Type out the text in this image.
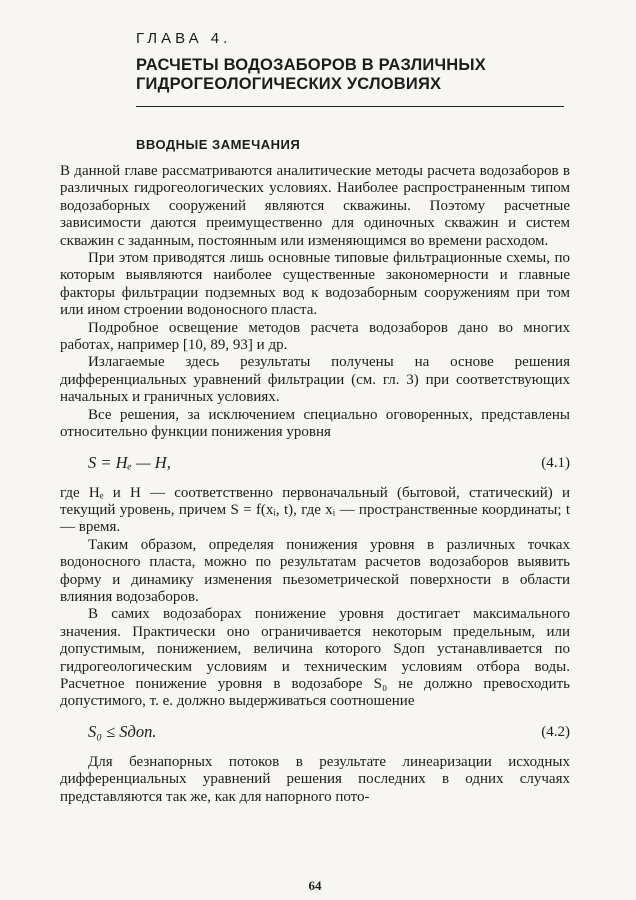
ГЛАВА 4.
РАСЧЕТЫ ВОДОЗАБОРОВ В РАЗЛИЧНЫХ
ГИДРОГЕОЛОГИЧЕСКИХ УСЛОВИЯХ
ВВОДНЫЕ ЗАМЕЧАНИЯ

В данной главе рассматриваются аналитические методы расчета водозаборов в различных гидрогеологических условиях. Наиболее распространенным типом водозаборных сооружений являются скважины. Поэтому расчетные зависимости даются преимущественно для одиночных скважин и систем скважин с заданным, постоянным или изменяющимся во времени расходом.

При этом приводятся лишь основные типовые фильтрационные схемы, по которым выявляются наиболее существенные закономерности и главные факторы фильтрации подземных вод к водозаборным сооружениям при том или ином строении водоносного пласта.

Подробное освещение методов расчета водозаборов дано во многих работах, например [10, 89, 93] и др.

Излагаемые здесь результаты получены на основе решения дифференциальных уравнений фильтрации (см. гл. 3) при соответствующих начальных и граничных условиях.

Все решения, за исключением специально оговоренных, представлены относительно функции понижения уровня

S = Hₑ — H,	(4.1)

где Hₑ и H — соответственно первоначальный (бытовой, статический) и текущий уровень, причем S = f(xᵢ, t), где xᵢ — пространственные координаты; t — время.

Таким образом, определяя понижения уровня в различных точках водоносного пласта, можно по результатам расчетов водозаборов выявить форму и динамику изменения пьезометрической поверхности в области влияния водозаборов.

В самих водозаборах понижение уровня достигает максимального значения. Практически оно ограничивается некоторым предельным, или допустимым, понижением, величина которого Sдоп устанавливается по гидрогеологическим условиям и техническим условиям отбора воды. Расчетное понижение уровня в водозаборе S₀ не должно превосходить допустимого, т. е. должно выдерживаться соотношение

S₀ ≤ Sдоп.	(4.2)

Для безнапорных потоков в результате линеаризации исходных дифференциальных уравнений решения последних в одних случаях представляются так же, как для напорного пото-

64
